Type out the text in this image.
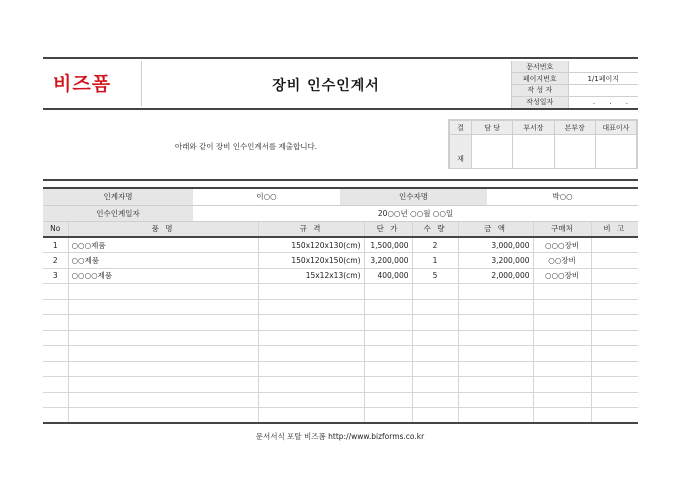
비즈폼	장비 인수인계서
문서번호	
페이지번호	1/1페이지
작 성 자	
작성일자	. . .
아래와 같이 장비 인수인계서를 제출합니다.
결	담 당	부서장	본부장	대표이사
재				
인계자명	이○○	인수자명	박○○
인수인계일자	20○○년 ○○월 ○○일		
No	품 명	규 격	단 가	수 량	금 액	구매처	비 고
1	○○○제품	150x120x130(cm)	1,500,000	2	3,000,000	○○○장비	
2	○○제품	150x120x150(cm)	3,200,000	1	3,200,000	○○장비	
3	○○○○제품	15x12x13(cm)	400,000	5	2,000,000	○○○장비	

문서서식 포탈 비즈폼 http://www.bizforms.co.kr
